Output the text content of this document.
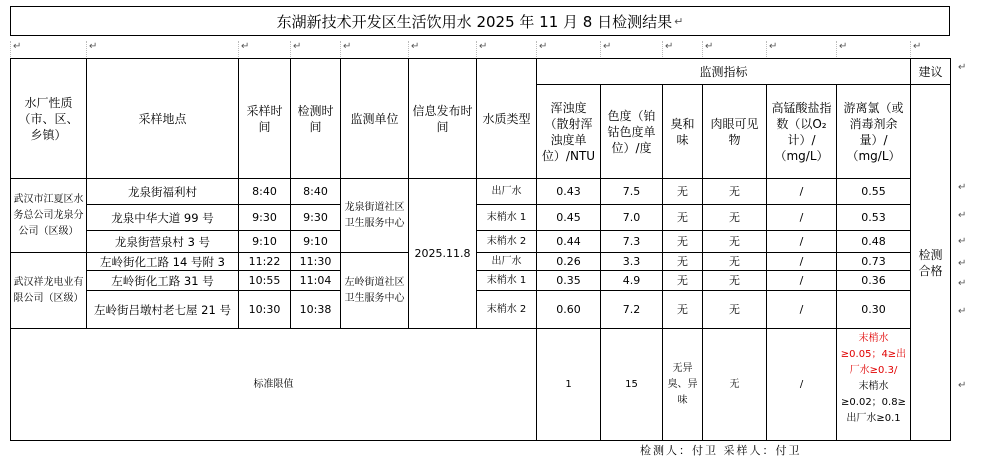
东湖新技术开发区生活饮用水 2025 年 11 月 8 日检测结果 ↵
↵	↵	↵	↵	↵	↵	↵	↵	↵	↵	↵	↵	↵	↵
水厂性质（市、区、乡镇）	采样地点	采样时间	检测时间	监测单位	信息发布时间	水质类型	监测指标						建议
							浑浊度（散射浑浊度单位）/NTU	色度（铂钴色度单位）/度	臭和味	肉眼可见物	高锰酸盐指数（以O₂计）/（mg/L）	游离氯（或消毒剂余量）/（mg/L）	检测合格
武汉市江夏区水务总公司龙泉分公司（区级）	龙泉街福利村	8:40	8:40	龙泉街道社区卫生服务中心	2025.11.8	出厂水	0.43	7.5	无	无	/	0.55	
	龙泉中华大道 99 号	9:30	9:30			末梢水 1	0.45	7.0	无	无	/	0.53	
	龙泉街营泉村 3 号	9:10	9:10			末梢水 2	0.44	7.3	无	无	/	0.48	
武汉祥龙电业有限公司（区级）	左岭街化工路 14 号附 3	11:22	11:30	左岭街道社区卫生服务中心		出厂水	0.26	3.3	无	无	/	0.73	
	左岭街化工路 31 号	10:55	11:04			末梢水 1	0.35	4.9	无	无	/	0.36	
	左岭街吕墩村老七屋 21 号	10:30	10:38			末梢水 2	0.60	7.2	无	无	/	0.30	
标准限值							1	15	无异臭、异味	无	/	末梢水≥0.05；4≥出厂水≥0.3/
末梢水≥0.02；0.8≥出厂水≥0.1	
检测人：付卫 采样人：付卫
↵
↵
↵
↵
↵
↵
↵
↵
